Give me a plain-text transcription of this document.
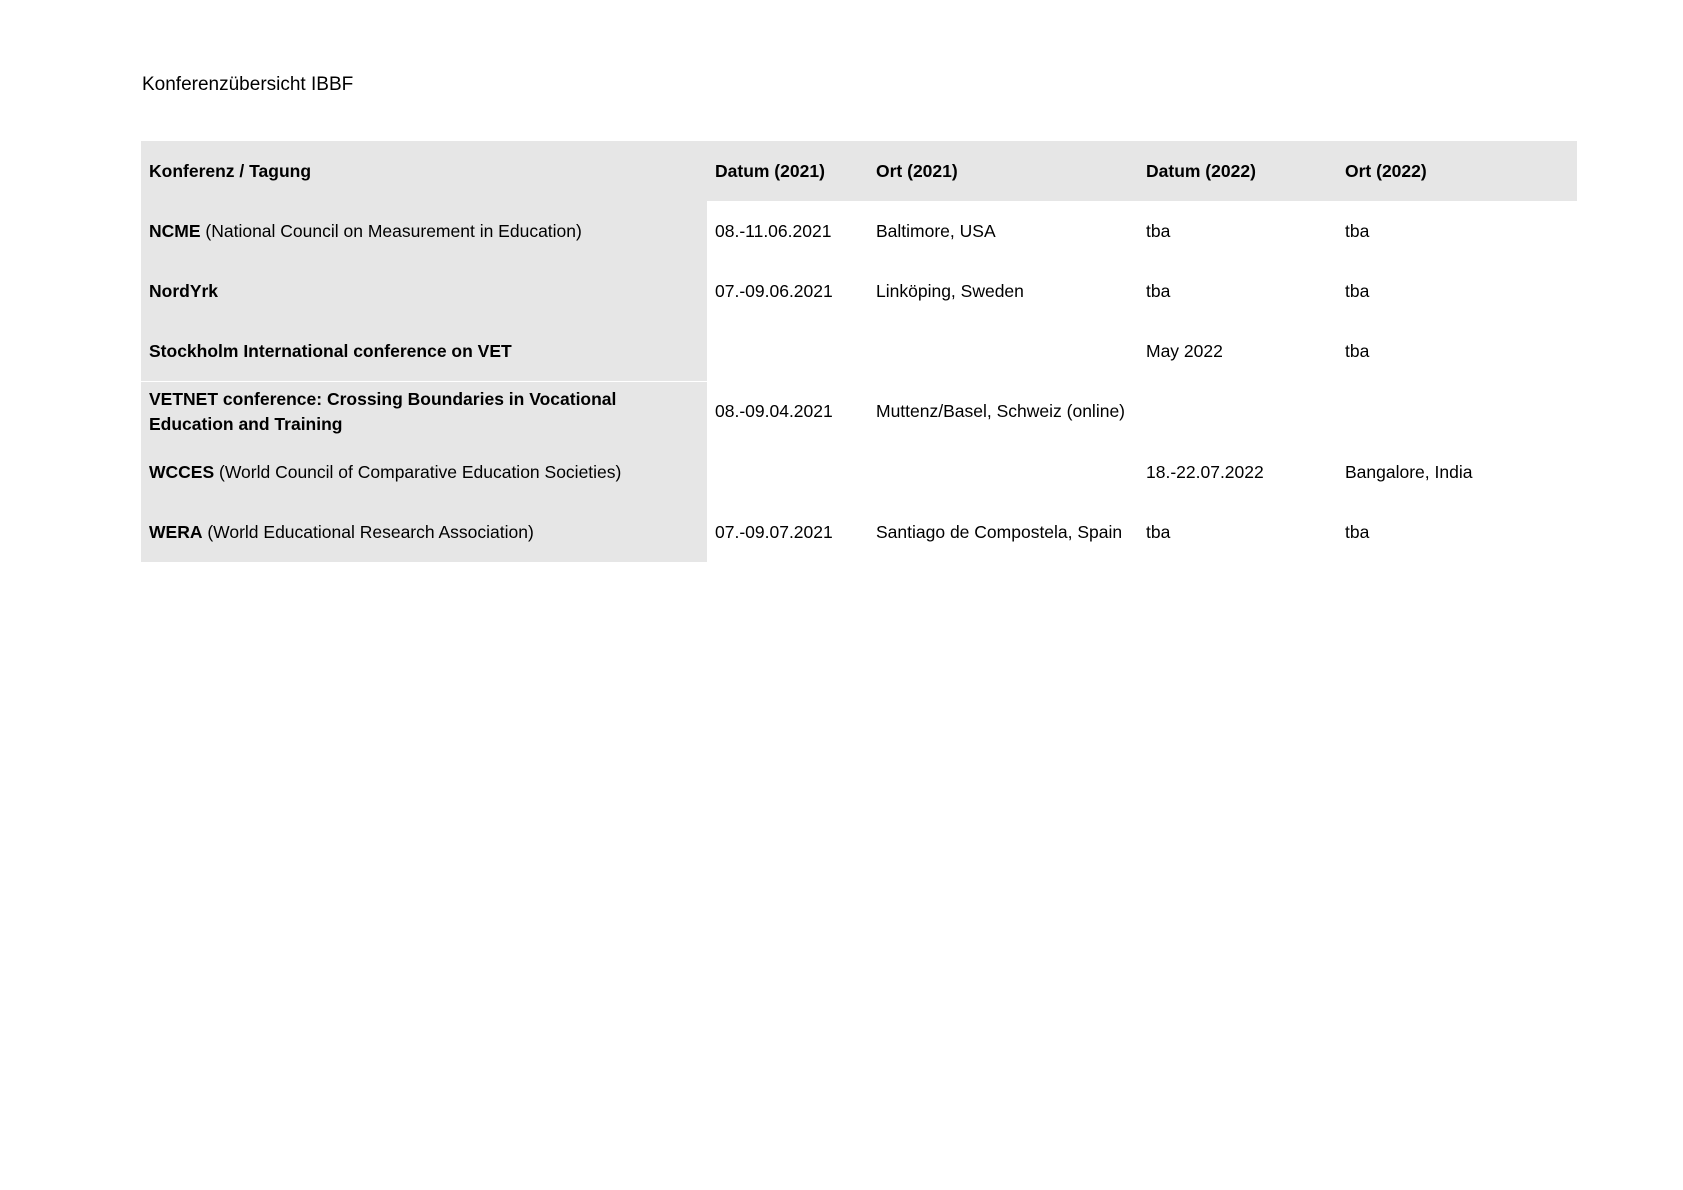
Konferenzübersicht IBBF
Konferenz / Tagung	Datum (2021)	Ort (2021)	Datum (2022)	Ort (2022)
NCME (National Council on Measurement in Education)	08.-11.06.2021	Baltimore, USA	tba	tba
NordYrk	07.-09.06.2021	Linköping, Sweden	tba	tba
Stockholm International conference on VET			May 2022	tba
VETNET conference: Crossing Boundaries in Vocational Education and Training	08.-09.04.2021	Muttenz/Basel, Schweiz (online)		
WCCES (World Council of Comparative Education Societies)			18.-22.07.2022	Bangalore, India
WERA (World Educational Research Association)	07.-09.07.2021	Santiago de Compostela, Spain	tba	tba
